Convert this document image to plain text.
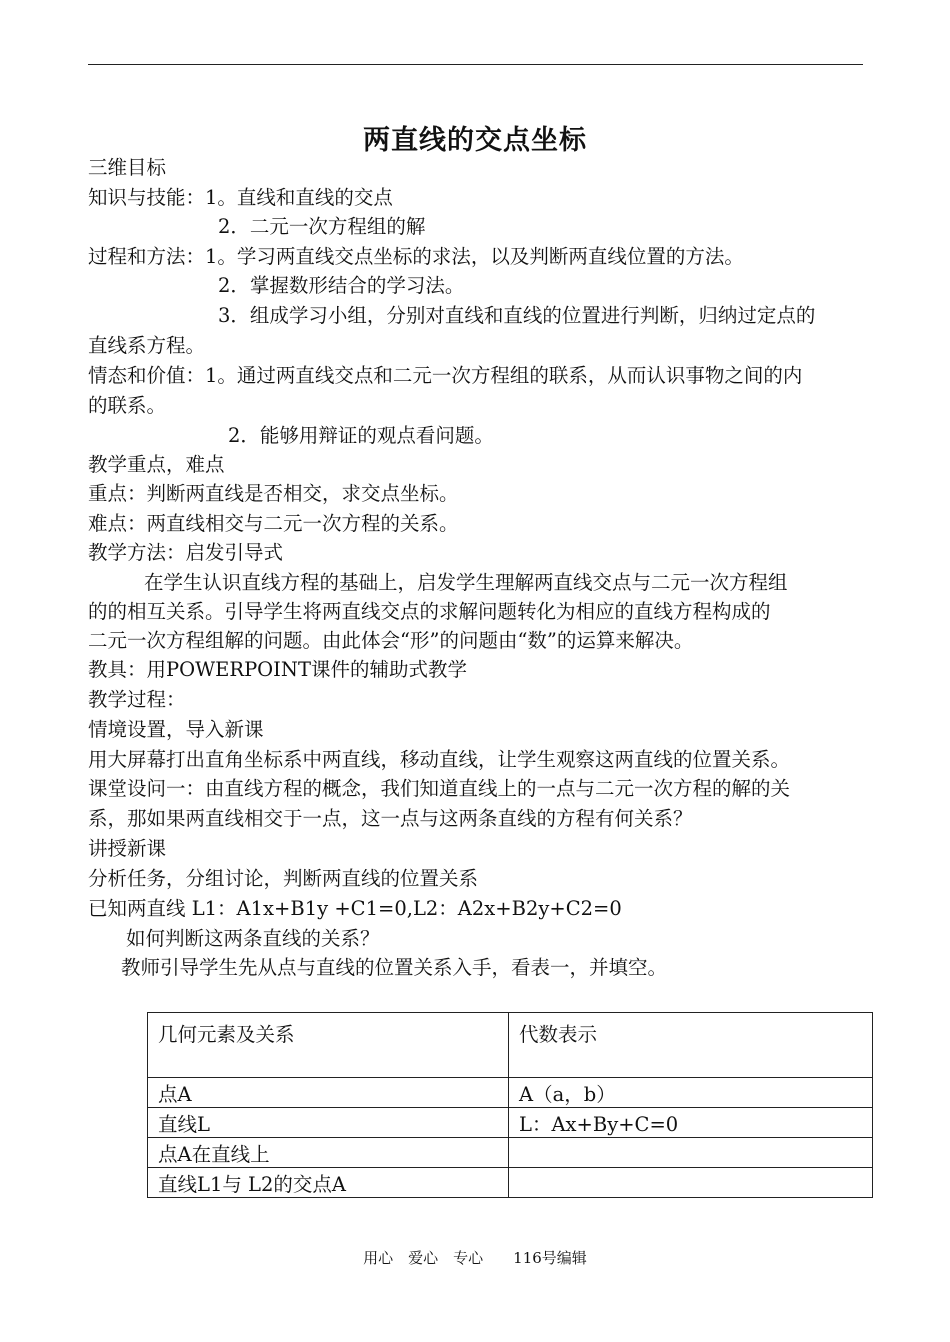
两直线的交点坐标
三维目标
知识与技能：1。直线和直线的交点
2．二元一次方程组的解
过程和方法：1。学习两直线交点坐标的求法，以及判断两直线位置的方法。
2．掌握数形结合的学习法。
3．组成学习小组，分别对直线和直线的位置进行判断，归纳过定点的
直线系方程。
情态和价值：1。通过两直线交点和二元一次方程组的联系，从而认识事物之间的内
的联系。
2．能够用辩证的观点看问题。
教学重点，难点
重点：判断两直线是否相交，求交点坐标。
难点：两直线相交与二元一次方程的关系。
教学方法：启发引导式
在学生认识直线方程的基础上，启发学生理解两直线交点与二元一次方程组
的的相互关系。引导学生将两直线交点的求解问题转化为相应的直线方程构成的
二元一次方程组解的问题。由此体会“形”的问题由“数”的运算来解决。
教具：用POWERPOINT课件的辅助式教学
教学过程：
情境设置，导入新课
用大屏幕打出直角坐标系中两直线，移动直线，让学生观察这两直线的位置关系。
课堂设问一：由直线方程的概念，我们知道直线上的一点与二元一次方程的解的关
系，那如果两直线相交于一点，这一点与这两条直线的方程有何关系？
讲授新课
分析任务，分组讨论，判断两直线的位置关系
已知两直线 L1：A1x+B1y +C1=0,L2：A2x+B2y+C2=0
如何判断这两条直线的关系？
教师引导学生先从点与直线的位置关系入手，看表一，并填空。
几何元素及关系	代数表示
点A	A（a，b）
直线L	L：Ax+By+C=0
点A在直线上	
直线L1与 L2的交点A	
用心　爱心　专心　　116号编辑
